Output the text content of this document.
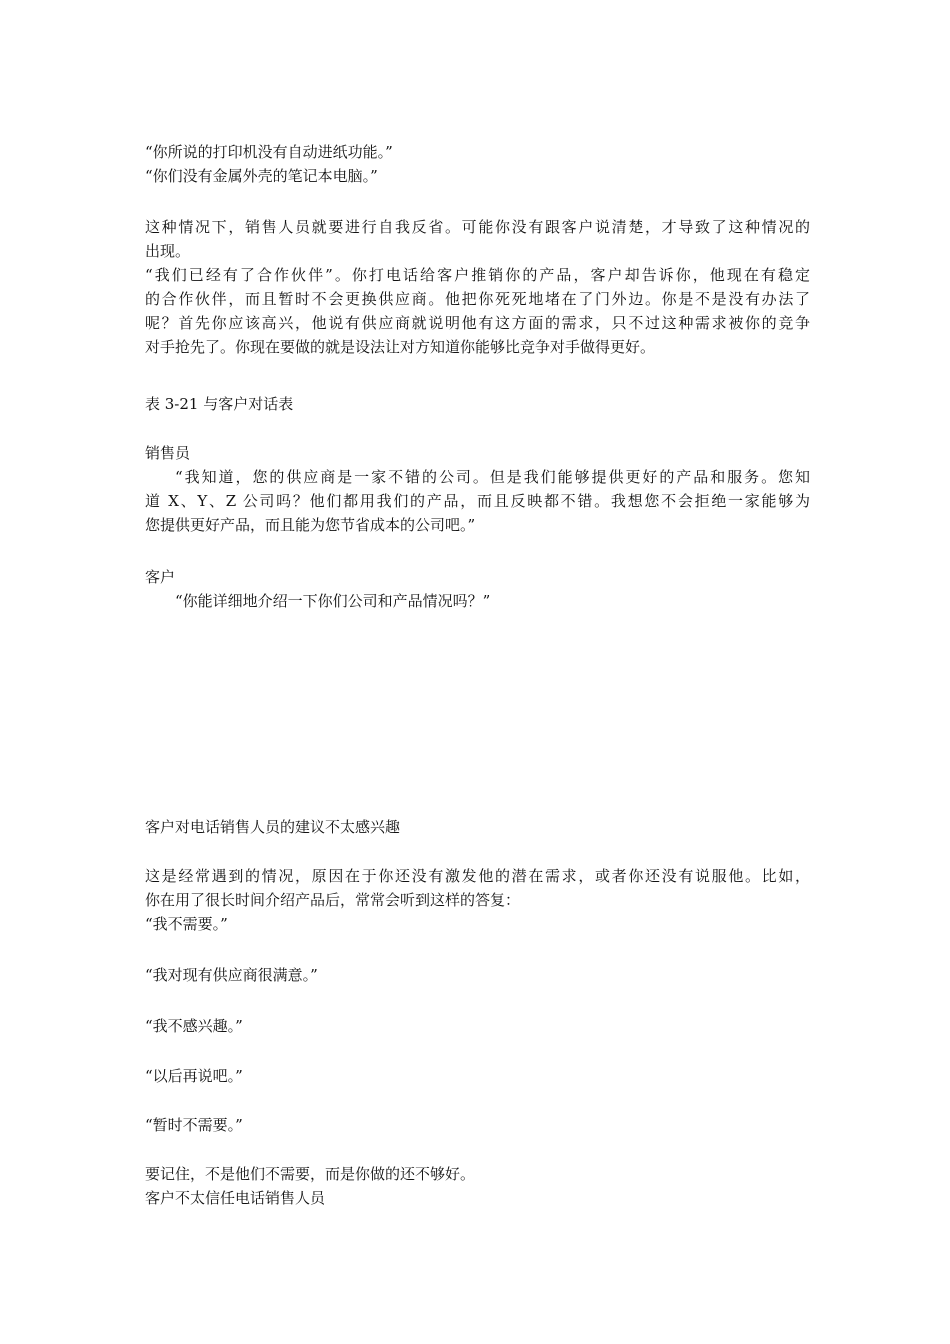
“你所说的打印机没有自动进纸功能。”
“你们没有金属外壳的笔记本电脑。”
这种情况下，销售人员就要进行自我反省。可能你没有跟客户说清楚，才导致了这种情况的
出现。
“我们已经有了合作伙伴”。你打电话给客户推销你的产品，客户却告诉你，他现在有稳定
的合作伙伴，而且暂时不会更换供应商。他把你死死地堵在了门外边。你是不是没有办法了
呢？首先你应该高兴，他说有供应商就说明他有这方面的需求，只不过这种需求被你的竞争
对手抢先了。你现在要做的就是设法让对方知道你能够比竞争对手做得更好。
表 3-21 与客户对话表
销售员
“我知道，您的供应商是一家不错的公司。但是我们能够提供更好的产品和服务。您知
道 X、Y、Z 公司吗？他们都用我们的产品，而且反映都不错。我想您不会拒绝一家能够为
您提供更好产品，而且能为您节省成本的公司吧。”
客户
“你能详细地介绍一下你们公司和产品情况吗？”
客户对电话销售人员的建议不太感兴趣
这是经常遇到的情况，原因在于你还没有激发他的潜在需求，或者你还没有说服他。比如，
你在用了很长时间介绍产品后，常常会听到这样的答复：
“我不需要。”
“我对现有供应商很满意。”
“我不感兴趣。”
“以后再说吧。”
“暂时不需要。”
要记住，不是他们不需要，而是你做的还不够好。
客户不太信任电话销售人员
